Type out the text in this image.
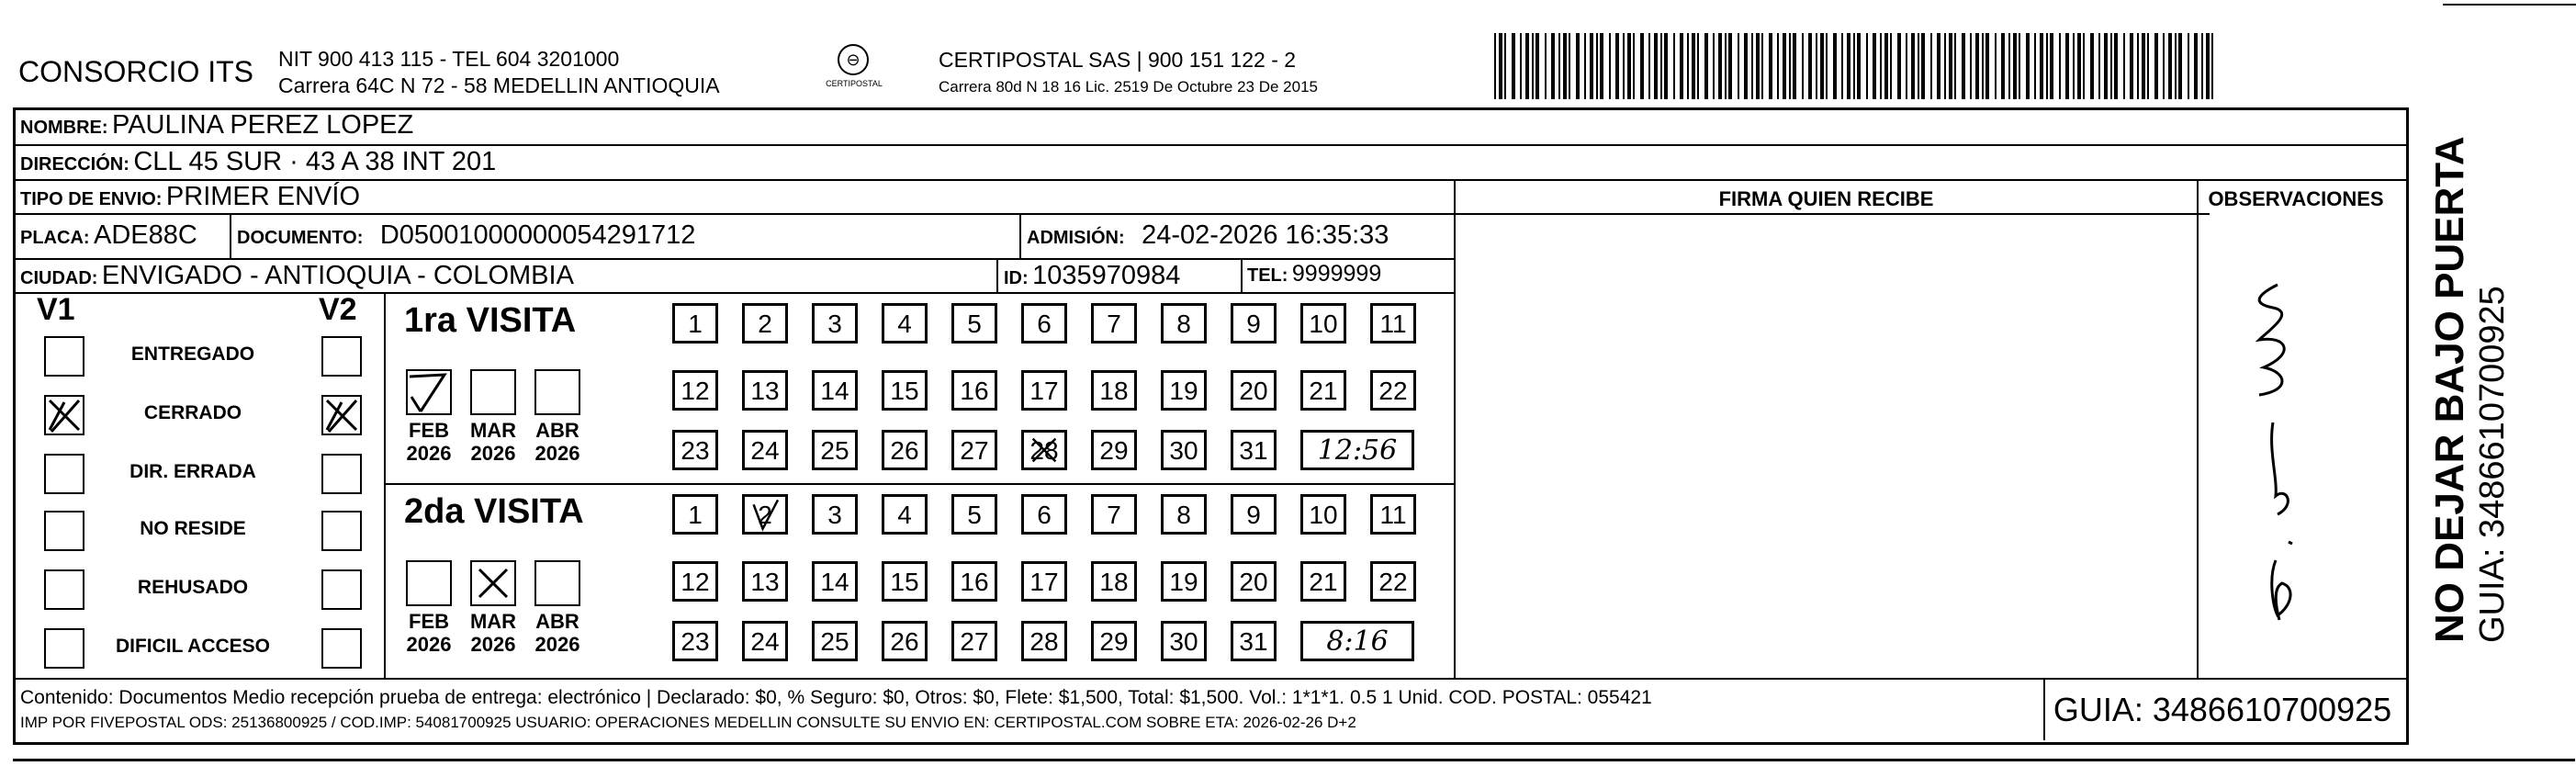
CONSORCIO ITS NIT 900 413 115 - TEL 604 3201000
Carrera 64C N 72 - 58 MEDELLIN ANTIOQUIA
⊖
CERTIPOSTAL
CERTIPOSTAL SAS | 900 151 122 - 2
Carrera 80d N 18 16 Lic. 2519 De Octubre 23 De 2015
NOMBRE: PAULINA PEREZ LOPEZ
DIRECCIÓN: CLL 45 SUR · 43 A 38 INT 201
TIPO DE ENVIO: PRIMER ENVÍO
PLACA: ADE88C DOCUMENTO: D0500100000005429171​2	ADMISIÓN: 24-02-2026 16:35:33
CIUDAD: ENVIGADO - ANTIOQUIA - COLOMBIA	ID: 1035970984	TEL: 9999999
FIRMA QUIEN RECIBE	OBSERVACIONES
V1	V2
ENTREGADO
CERRADO
DIR. ERRADA
NO RESIDE
REHUSADO
DIFICIL ACCESO
1ra VISITA
FEB
2026
MAR
2026
ABR
2026
1	2	3	4	5	6	7	8	9	10	11
12	13	14	15	16	17	18	19	20	21	22
23	24	25	26	27	28	29	30	31	12:56
2da VISITA
FEB
2026
MAR
2026
ABR
2026
1	2	3	4	5	6	7	8	9	10	11
12	13	14	15	16	17	18	19	20	21	22
23	24	25	26	27	28	29	30	31	8:16
Contenido: Documentos Medio recepción prueba de entrega: electrónico | Declarado: $0, % Seguro: $0, Otros: $0, Flete: $1,500, Total: $1,500. Vol.: 1*1*1. 0.5 1 Unid. COD. POSTAL: 055421
IMP POR FIVEPOSTAL ODS: 25136800925 / COD.IMP: 54081700925 USUARIO: OPERACIONES MEDELLIN CONSULTE SU ENVIO EN: CERTIPOSTAL.COM SOBRE ETA: 2026-02-26 D+2	GUIA: 3486610700925
NO DEJAR BAJO PUERTA GUIA: 3486610700925
